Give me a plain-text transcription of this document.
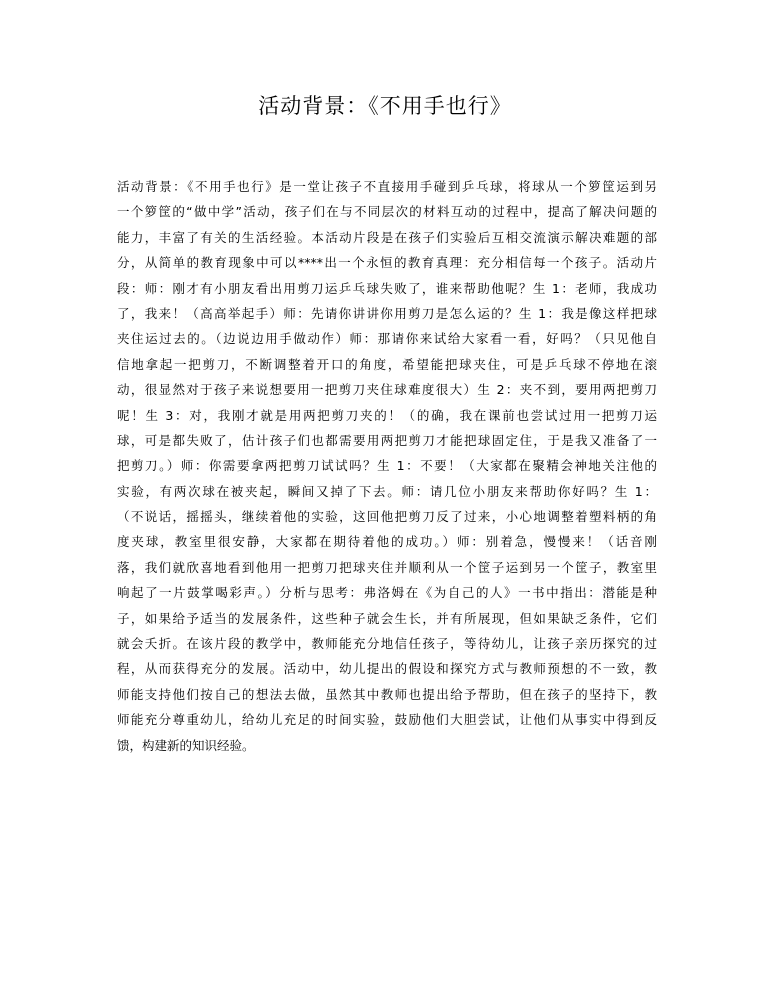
活动背景：《不用手也行》
活动背景：《不用手也行》是一堂让孩子不直接用手碰到乒乓球，将球从一个箩筐运到另
一个箩筐的“做中学”活动，孩子们在与不同层次的材料互动的过程中，提高了解决问题的
能力，丰富了有关的生活经验。本活动片段是在孩子们实验后互相交流演示解决难题的部
分，从简单的教育现象中可以****出一个永恒的教育真理：充分相信每一个孩子。活动片
段：师：刚才有小朋友看出用剪刀运乒乓球失败了，谁来帮助他呢？生 1：老师，我成功
了，我来！（高高举起手）师：先请你讲讲你用剪刀是怎么运的？生 1：我是像这样把球
夹住运过去的。（边说边用手做动作）师：那请你来试给大家看一看，好吗？（只见他自
信地拿起一把剪刀，不断调整着开口的角度，希望能把球夹住，可是乒乓球不停地在滚
动，很显然对于孩子来说想要用一把剪刀夹住球难度很大）生 2：夹不到，要用两把剪刀
呢！生 3：对，我刚才就是用两把剪刀夹的！（的确，我在课前也尝试过用一把剪刀运
球，可是都失败了，估计孩子们也都需要用两把剪刀才能把球固定住，于是我又准备了一
把剪刀。）师：你需要拿两把剪刀试试吗？生 1：不要！（大家都在聚精会神地关注他的
实验，有两次球在被夹起，瞬间又掉了下去。师：请几位小朋友来帮助你好吗？生 1：
（不说话，摇摇头，继续着他的实验，这回他把剪刀反了过来，小心地调整着塑料柄的角
度夹球，教室里很安静，大家都在期待着他的成功。）师：别着急，慢慢来！（话音刚
落，我们就欣喜地看到他用一把剪刀把球夹住并顺利从一个筐子运到另一个筐子，教室里
响起了一片鼓掌喝彩声。）分析与思考：弗洛姆在《为自己的人》一书中指出：潜能是种
子，如果给予适当的发展条件，这些种子就会生长，并有所展现，但如果缺乏条件，它们
就会夭折。在该片段的教学中，教师能充分地信任孩子，等待幼儿，让孩子亲历探究的过
程，从而获得充分的发展。活动中，幼儿提出的假设和探究方式与教师预想的不一致，教
师能支持他们按自己的想法去做，虽然其中教师也提出给予帮助，但在孩子的坚持下，教
师能充分尊重幼儿，给幼儿充足的时间实验，鼓励他们大胆尝试，让他们从事实中得到反
馈，构建新的知识经验。
